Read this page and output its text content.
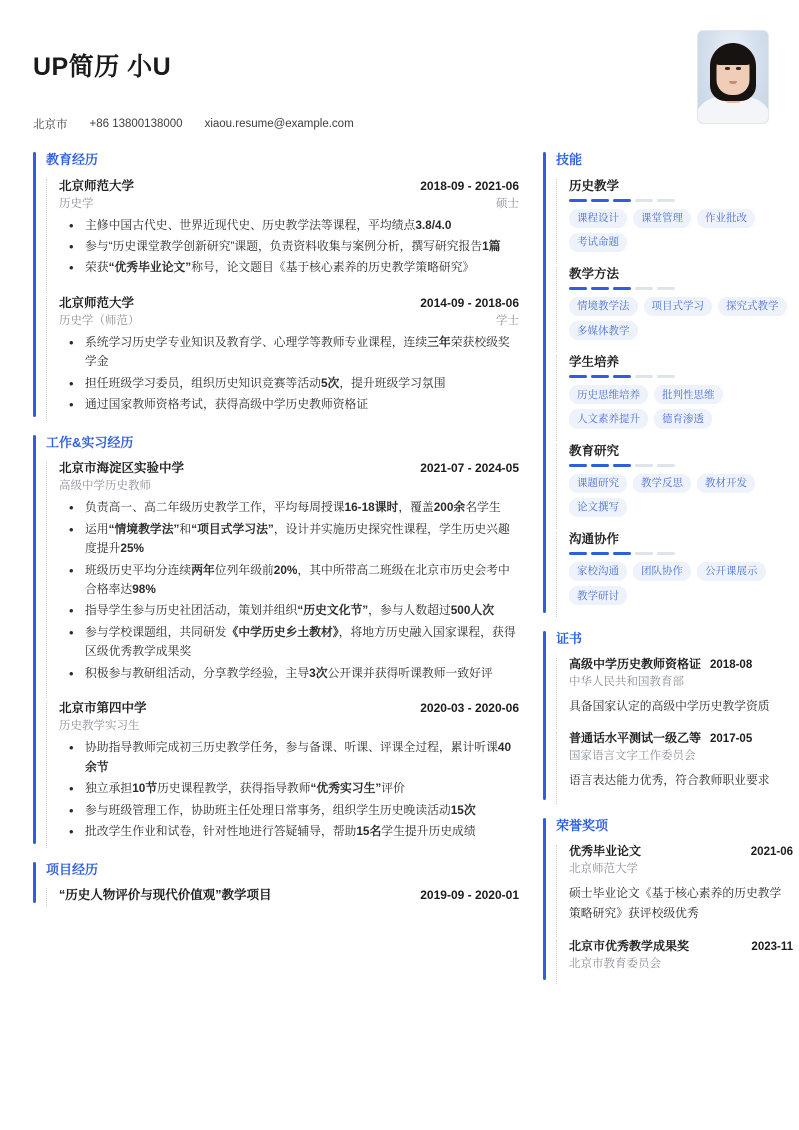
UP简历 小U
北京市 +86 13800138000 xiaou.resume@example.com
教育经历
北京师范大学	2018-09 - 2021-06
历史学	硕士
• 主修中国古代史、世界近现代史、历史教学法等课程，平均绩点3.8/4.0
• 参与“历史课堂教学创新研究”课题，负责资料收集与案例分析，撰写研究报告1篇
• 荣获“优秀毕业论文”称号，论文题目《基于核心素养的历史教学策略研究》
北京师范大学	2014-09 - 2018-06
历史学（师范）	学士
• 系统学习历史学专业知识及教育学、心理学等教师专业课程，连续三年荣获校级奖学金
• 担任班级学习委员，组织历史知识竞赛等活动5次，提升班级学习氛围
• 通过国家教师资格考试，获得高级中学历史教师资格证
工作&实习经历
北京市海淀区实验中学	2021-07 - 2024-05
高级中学历史教师
• 负责高一、高二年级历史教学工作，平均每周授课16-18课时，覆盖200余名学生
• 运用“情境教学法”和“项目式学习法”，设计并实施历史探究性课程，学生历史兴趣度提升25%
• 班级历史平均分连续两年位列年级前20%，其中所带高二班级在北京市历史会考中合格率达98%
• 指导学生参与历史社团活动，策划并组织“历史文化节”，参与人数超过500人次
• 参与学校课题组，共同研发《中学历史乡土教材》，将地方历史融入国家课程，获得区级优秀教学成果奖
• 积极参与教研组活动，分享教学经验，主导3次公开课并获得听课教师一致好评
北京市第四中学	2020-03 - 2020-06
历史教学实习生
• 协助指导教师完成初三历史教学任务，参与备课、听课、评课全过程，累计听课40余节
• 独立承担10节历史课程教学，获得指导教师“优秀实习生”评价
• 参与班级管理工作，协助班主任处理日常事务，组织学生历史晚读活动15次
• 批改学生作业和试卷，针对性地进行答疑辅导，帮助15名学生提升历史成绩
项目经历
“历史人物评价与现代价值观”教学项目	2019-09 - 2020-01
技能
历史教学
课程设计	课堂管理	作业批改
考试命题
教学方法
情境教学法	项目式学习	探究式教学
多媒体教学
学生培养
历史思维培养	批判性思维
人文素养提升	德育渗透
教育研究
课题研究	教学反思	教材开发
论文撰写
沟通协作
家校沟通	团队协作	公开课展示
教学研讨
证书
高级中学历史教师资格证 2018-08
中华人民共和国教育部
具备国家认定的高级中学历史教学资质
普通话水平测试一级乙等 2017-05
国家语言文字工作委员会
语言表达能力优秀，符合教师职业要求
荣誉奖项
优秀毕业论文	2021-06
北京师范大学
硕士毕业论文《基于核心素养的历史教学策略研究》获评校级优秀
北京市优秀教学成果奖	2023-11
北京市教育委员会
